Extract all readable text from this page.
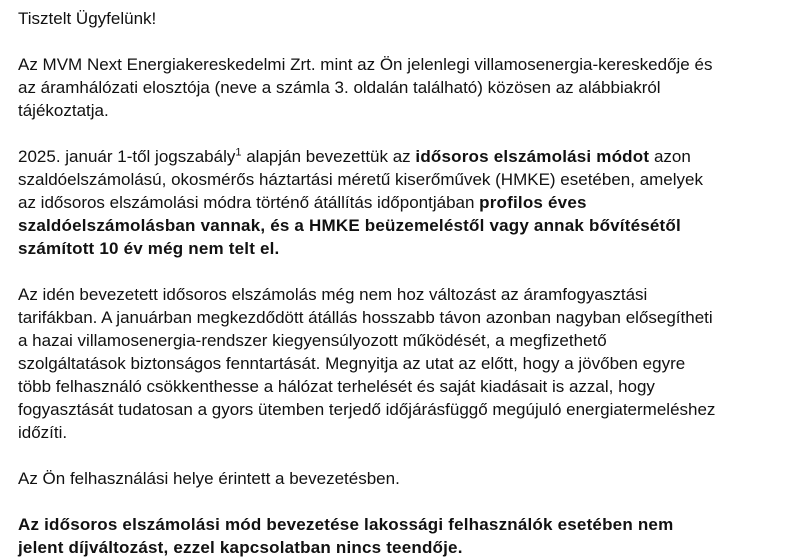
Tisztelt Ügyfelünk!
Az MVM Next Energiakereskedelmi Zrt. mint az Ön jelenlegi villamosenergia-kereskedője és
az áramhálózati elosztója (neve a számla 3. oldalán található) közösen az alábbiakról
tájékoztatja.
2025. január 1-től jogszabály$^1$ alapján bevezettük az idősoros elszámolási módot azon
szaldóelszámolású, okosmérős háztartási méretű kiserőművek (HMKE) esetében, amelyek
az idősoros elszámolási módra történő átállítás időpontjában profilos éves
szaldóelszámolásban vannak, és a HMKE beüzemeléstől vagy annak bővítésétől
számított 10 év még nem telt el.
Az idén bevezetett idősoros elszámolás még nem hoz változást az áramfogyasztási
tarifákban. A januárban megkezdődött átállás hosszabb távon azonban nagyban elősegítheti
a hazai villamosenergia-rendszer kiegyensúlyozott működését, a megfizethető
szolgáltatások biztonságos fenntartását. Megnyitja az utat az előtt, hogy a jövőben egyre
több felhasználó csökkenthesse a hálózat terhelését és saját kiadásait is azzal, hogy
fogyasztását tudatosan a gyors ütemben terjedő időjárásfüggő megújuló energiatermeléshez
időzíti.
Az Ön felhasználási helye érintett a bevezetésben.
Az idősoros elszámolási mód bevezetése lakossági felhasználók esetében nem
jelent díjváltozást, ezzel kapcsolatban nincs teendője.
